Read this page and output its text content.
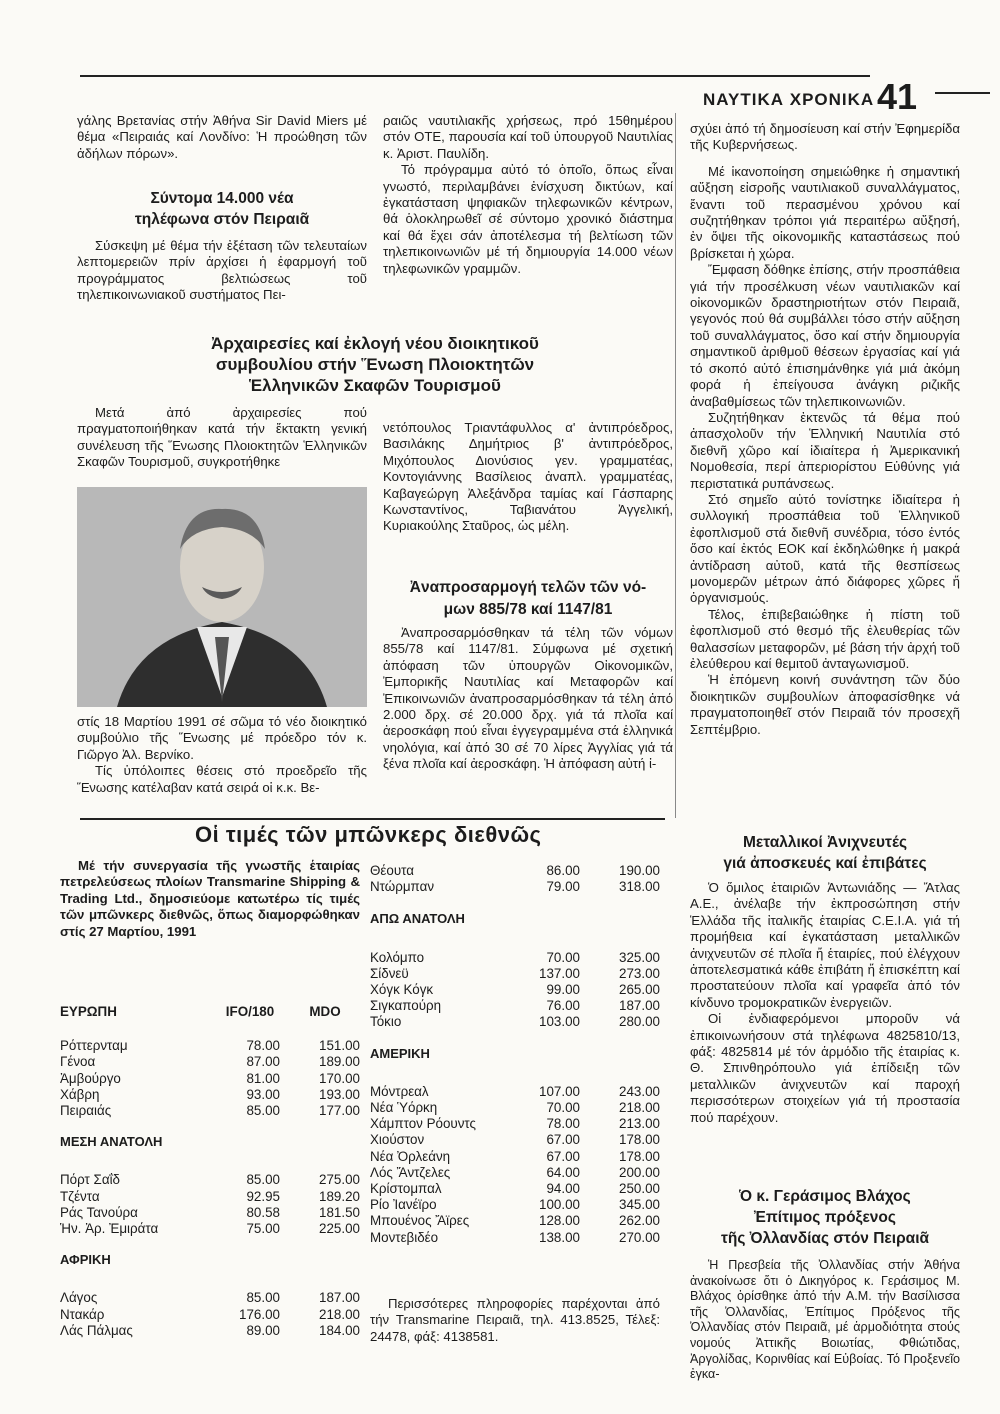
ΝΑΥΤΙΚΑ ΧΡΟΝΙΚΑ 41

γάλης Βρετανίας στήν Ἀθήνα Sir David Miers μέ θέμα «Πειραιάς καί Λονδίνο: Ἡ προώθηση τῶν ἀδήλων πόρων».

Σύντομα 14.000 νέα
τηλέφωνα στόν Πειραιᾶ

Σύσκεψη μέ θέμα τήν ἐξέταση τῶν τελευταίων λεπτομερειῶν πρίν ἀρχίσει ἡ ἐφαρμογή τοῦ προγράμματος βελτιώσεως τοῦ τηλεπικοινωνιακοῦ συστήματος Πει-

ραιῶς ναυτιλιακῆς χρήσεως, πρό 15θημέρου στόν ΟΤΕ, παρουσία καί τοῦ ὑπουργοῦ Ναυτιλίας κ. Ἀριστ. Παυλίδη.

Τό πρόγραμμα αὐτό τό ὁποῖο, ὅπως εἶναι γνωστό, περιλαμβάνει ἐνίσχυση δικτύων, καί ἐγκατάσταση ψηφιακῶν τηλεφωνικῶν κέντρων, θά ὁλοκληρωθεῖ σέ σύντομο χρονικό διάστημα καί θά ἔχει σάν ἀποτέλεσμα τή βελτίωση τῶν τηλεπικοινωνιῶν μέ τή δημιουργία 14.000 νέων τηλεφωνικῶν γραμμῶν.

Ἀρχαιρεσίες καί ἐκλογή νέου διοικητικοῦ
συμβουλίου στήν Ἕνωση Πλοιοκτητῶν
Ἑλληνικῶν Σκαφῶν Τουρισμοῦ

Μετά ἀπό ἀρχαιρεσίες πού πραγματοποιήθηκαν κατά τήν ἔκτακτη γενική συνέλευση τῆς Ἕνωσης Πλοιοκτητῶν Ἑλληνικῶν Σκαφῶν Τουρισμοῦ, συγκροτήθηκε

στίς 18 Μαρτίου 1991 σέ σῶμα τό νέο διοικητικό συμβούλιο τῆς Ἕνωσης μέ πρόεδρο τόν κ. Γιῶργο Ἀλ. Βερνίκο.

Τίς ὑπόλοιπες θέσεις στό προεδρεῖο τῆς Ἕνωσης κατέλαβαν κατά σειρά οἱ κ.κ. Βε-

νετόπουλος Τριαντάφυλλος α' ἀντιπρόεδρος, Βασιλάκης Δημήτριος β' ἀντιπρόεδρος, Μιχόπουλος Διονύσιος γεν. γραμματέας, Κοντογιάννης Βασίλειος ἀναπλ. γραμματέας, Καβαγεώργη Ἀλεξάνδρα ταμίας καί Γάσπαρης Κωνσταντίνος, Ταβιανάτου Ἀγγελική, Κυριακούλης Σταῦρος, ὡς μέλη.

Ἀναπροσαρμογή τελῶν τῶν νό-
μων 885/78 καί 1147/81

Ἀναπροσαρμόσθηκαν τά τέλη τῶν νόμων 855/78 καί 1147/81. Σύμφωνα μέ σχετική ἀπόφαση τῶν ὑπουργῶν Οἰκονομικῶν, Ἐμπορικῆς Ναυτιλίας καί Μεταφορῶν καί Ἐπικοινωνιῶν ἀναπροσαρμόσθηκαν τά τέλη ἀπό 2.000 δρχ. σέ 20.000 δρχ. γιά τά πλοῖα καί ἀεροσκάφη πού εἶναι ἐγγεγραμμένα στά ἑλληνικά νηολόγια, καί ἀπό 30 σέ 70 λίρες Ἀγγλίας γιά τά ξένα πλοῖα καί ἀεροσκάφη. Ἡ ἀπόφαση αὐτή ἰ-

σχύει ἀπό τή δημοσίευση καί στήν Ἐφημερίδα τῆς Κυβερνήσεως.

Μέ ἱκανοποίηση σημειώθηκε ἡ σημαντική αὔξηση εἰσροῆς ναυτιλιακοῦ συναλλάγματος, ἔναντι τοῦ περασμένου χρόνου καί συζητήθηκαν τρόποι γιά περαιτέρω αὔξησή, ἐν ὄψει τῆς οἰκονομικῆς καταστάσεως πού βρίσκεται ἡ χώρα.

Ἔμφαση δόθηκε ἐπίσης, στήν προσπάθεια γιά τήν προσέλκυση νέων ναυτιλιακῶν καί οἰκονομικῶν δραστηριοτήτων στόν Πειραιᾶ, γεγονός πού θά συμβάλλει τόσο στήν αὔξηση τοῦ συναλλάγματος, ὅσο καί στήν δημιουργία σημαντικοῦ ἀριθμοῦ θέσεων ἐργασίας καί γιά τό σκοπό αὐτό ἐπισημάνθηκε γιά μιά ἀκόμη φορά ἡ ἐπείγουσα ἀνάγκη ριζικῆς ἀναβαθμίσεως τῶν τηλεπικοινωνιῶν.

Συζητήθηκαν ἐκτενῶς τά θέμα πού ἀπασχολοῦν τήν Ἑλληνική Ναυτιλία στό διεθνῆ χῶρο καί ἰδιαίτερα ἡ Ἀμερικανική Νομοθεσία, περί ἀπεριορίστου Εὐθύνης γιά περιστατικά ρυπάνσεως.

Στό σημεῖο αὐτό τονίστηκε ἰδιαίτερα ἡ συλλογική προσπάθεια τοῦ Ἑλληνικοῦ ἐφοπλισμοῦ στά διεθνῆ συνέδρια, τόσο ἐντός ὅσο καί ἐκτός ΕΟΚ καί ἐκδηλώθηκε ἡ μακρά ἀντίδραση αὐτοῦ, κατά τῆς θεσπίσεως μονομερῶν μέτρων ἀπό διάφορες χῶρες ἤ ὀργανισμούς.

Τέλος, ἐπιβεβαιώθηκε ἡ πίστη τοῦ ἐφοπλισμοῦ στό θεσμό τῆς ἐλευθερίας τῶν θαλασσίων μεταφορῶν, μέ βάση τήν ἀρχή τοῦ ἐλεύθερου καί θεμιτοῦ ἀνταγωνισμοῦ.

Ἡ ἑπόμενη κοινή συνάντηση τῶν δύο διοικητικῶν συμβουλίων ἀποφασίσθηκε νά πραγματοποιηθεῖ στόν Πειραιᾶ τόν προσεχῆ Σεπτέμβριο.

Μεταλλικοί Ἀνιχνευτές
γιά ἀποσκευές καί ἐπιβάτες

Ὁ ὅμιλος ἑταιριῶν Ἀντωνιάδης — Ἄτλας Α.Ε., ἀνέλαβε τήν ἐκπροσώπηση στήν Ἑλλάδα τῆς ἰταλικῆς ἑταιρίας C.E.I.A. γιά τή προμήθεια καί ἐγκατάσταση μεταλλικῶν ἀνιχνευτῶν σέ πλοῖα ἤ ἑταιρίες, πού ἐλέγχουν ἀποτελεσματικά κάθε ἐπιβάτη ἤ ἐπισκέπτη καί προστατεύουν πλοῖα καί γραφεῖα ἀπό τόν κίνδυνο τρομοκρατικῶν ἐνεργειῶν.

Οἱ ἐνδιαφερόμενοι μποροῦν νά ἐπικοινωνήσουν στά τηλέφωνα 4825810/13, φάξ: 4825814 μέ τόν ἁρμόδιο τῆς ἑταιρίας κ. Θ. Σπινθηρόπουλο γιά ἐπίδειξη τῶν μεταλλικῶν ἀνιχνευτῶν καί παροχή περισσότερων στοιχείων γιά τή προστασία πού παρέχουν.

Ὁ κ. Γεράσιμος Βλάχος
Ἐπίτιμος πρόξενος
τῆς Ὀλλανδίας στόν Πειραιᾶ

Ἡ Πρεσβεία τῆς Ὀλλανδίας στήν Ἀθήνα ἀνακοίνωσε ὅτι ὁ Δικηγόρος κ. Γεράσιμος Μ. Βλάχος ὁρίσθηκε ἀπό τήν Α.Μ. τήν Βασίλισσα τῆς Ὀλλανδίας, Ἐπίτιμος Πρόξενος τῆς Ὀλλανδίας στόν Πειραιᾶ, μέ ἁρμοδιότητα στούς νομούς Ἀττικῆς Βοιωτίας, Φθιώτιδας, Ἀργολίδας, Κορινθίας καί Εὐβοίας. Τό Προξενεῖο ἐγκα-

Οἱ τιμές τῶν μπῶνκερς διεθνῶς

Μέ τήν συνεργασία τῆς γνωστῆς ἑταιρίας πετρελεύσεως πλοίων Transmarine Shipping & Trading Ltd., δημοσιεύομε κατωτέρω τίς τιμές τῶν μπῶνκερς διεθνῶς, ὅπως διαμορφώθηκαν στίς 27 Μαρτίου, 1991

ΕΥΡΩΠΗ	IFO/180	MDO
Ρόττερνταμ	78.00	151.00
Γένοα	87.00	189.00
Ἀμβούργο	81.00	170.00
Χάβρη	93.00	193.00
Πειραιάς	85.00	177.00
ΜΕΣΗ ΑΝΑΤΟΛΗ
Πόρτ Σαΐδ	85.00	275.00
Τζέντα	92.95	189.20
Ράς Τανούρα	80.58	181.50
Ἡν. Ἀρ. Ἐμιράτα	75.00	225.00
ΑΦΡΙΚΗ
Λάγος	85.00	187.00
Ντακάρ	176.00	218.00
Λάς Πάλμας	89.00	184.00
Θέουτα	86.00	190.00
Ντώρμπαν	79.00	318.00
ΑΠΩ ΑΝΑΤΟΛΗ
Κολόμπο	70.00	325.00
Σίδνεϋ	137.00	273.00
Χόγκ Κόγκ	99.00	265.00
Σιγκαπούρη	76.00	187.00
Τόκιο	103.00	280.00
ΑΜΕΡΙΚΗ
Μόντρεαλ	107.00	243.00
Νέα Ὑόρκη	70.00	218.00
Χάμπτον Ρόουντς	78.00	213.00
Χιούστον	67.00	178.00
Νέα Ὀρλεάνη	67.00	178.00
Λός Ἄντζελες	64.00	200.00
Κρίστομπαλ	94.00	250.00
Ρίο Ἰανέϊρο	100.00	345.00
Μπουένος Ἄϊρες	128.00	262.00
Μοντεβιδέο	138.00	270.00

Περισσότερες πληροφορίες παρέχονται ἀπό τήν Transmarine Πειραιᾶ, τηλ. 413.8525, Τέλεξ: 24478, φάξ: 4138581.
